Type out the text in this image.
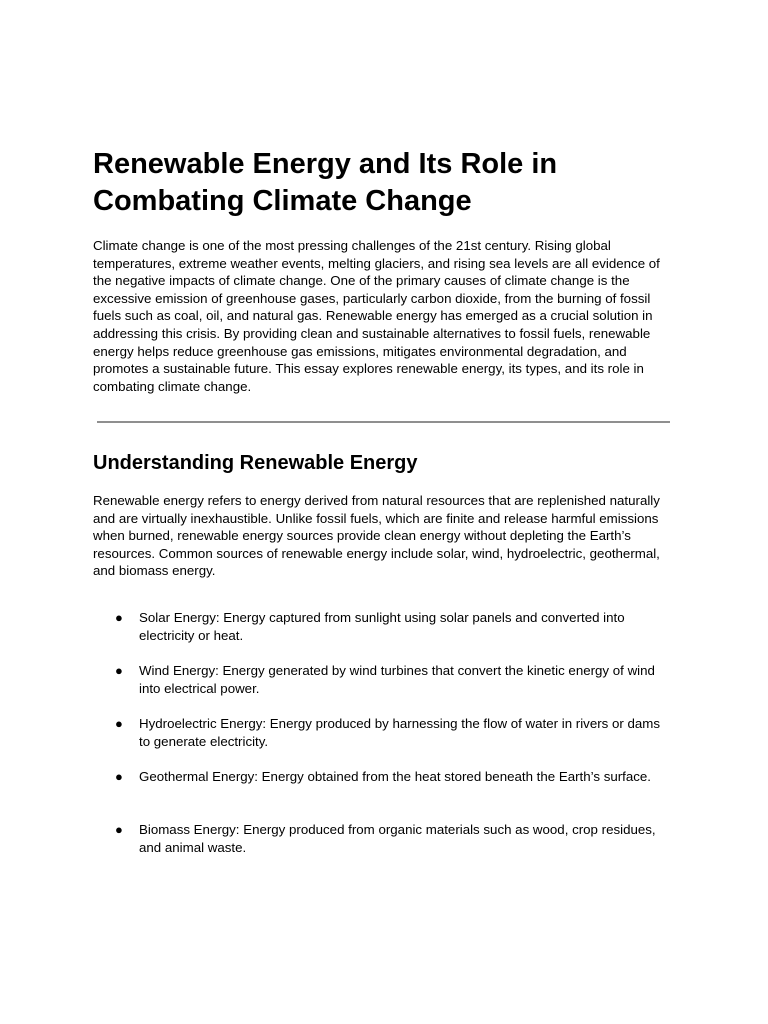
Renewable Energy and Its Role in Combating Climate Change

Climate change is one of the most pressing challenges of the 21st century. Rising global temperatures, extreme weather events, melting glaciers, and rising sea levels are all evidence of the negative impacts of climate change. One of the primary causes of climate change is the excessive emission of greenhouse gases, particularly carbon dioxide, from the burning of fossil fuels such as coal, oil, and natural gas. Renewable energy has emerged as a crucial solution in addressing this crisis. By providing clean and sustainable alternatives to fossil fuels, renewable energy helps reduce greenhouse gas emissions, mitigates environmental degradation, and promotes a sustainable future. This essay explores renewable energy, its types, and its role in combating climate change.

Understanding Renewable Energy

Renewable energy refers to energy derived from natural resources that are replenished naturally and are virtually inexhaustible. Unlike fossil fuels, which are finite and release harmful emissions when burned, renewable energy sources provide clean energy without depleting the Earth’s resources. Common sources of renewable energy include solar, wind, hydroelectric, geothermal, and biomass energy.

● Solar Energy: Energy captured from sunlight using solar panels and converted into electricity or heat.
● Wind Energy: Energy generated by wind turbines that convert the kinetic energy of wind into electrical power.
● Hydroelectric Energy: Energy produced by harnessing the flow of water in rivers or dams to generate electricity.
● Geothermal Energy: Energy obtained from the heat stored beneath the Earth’s surface.
● Biomass Energy: Energy produced from organic materials such as wood, crop residues, and animal waste.
